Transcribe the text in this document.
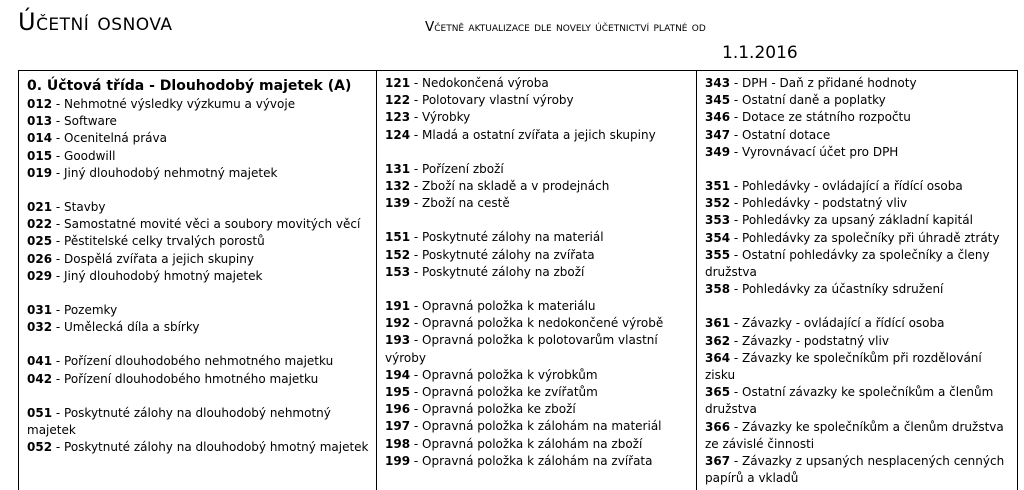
Účetní osnova	Včetně aktualizace dle novely účetnictví platné od
1.1.2016
0. Účtová třída - Dlouhodobý majetek (A)
012 - Nehmotné výsledky výzkumu a vývoje
013 - Software
014 - Ocenitelná práva
015 - Goodwill
019 - Jiný dlouhodobý nehmotný majetek
021 - Stavby
022 - Samostatné movité věci a soubory movitých věcí
025 - Pěstitelské celky trvalých porostů
026 - Dospělá zvířata a jejich skupiny
029 - Jiný dlouhodobý hmotný majetek
031 - Pozemky
032 - Umělecká díla a sbírky
041 - Pořízení dlouhodobého nehmotného majetku
042 - Pořízení dlouhodobého hmotného majetku
051 - Poskytnuté zálohy na dlouhodobý nehmotný majetek
052 - Poskytnuté zálohy na dlouhodobý hmotný majetek
121 - Nedokončená výroba
122 - Polotovary vlastní výroby
123 - Výrobky
124 - Mladá a ostatní zvířata a jejich skupiny
131 - Pořízení zboží
132 - Zboží na skladě a v prodejnách
139 - Zboží na cestě
151 - Poskytnuté zálohy na materiál
152 - Poskytnuté zálohy na zvířata
153 - Poskytnuté zálohy na zboží
191 - Opravná položka k materiálu
192 - Opravná položka k nedokončené výrobě
193 - Opravná položka k polotovarům vlastní výroby
194 - Opravná položka k výrobkům
195 - Opravná položka ke zvířatům
196 - Opravná položka ke zboží
197 - Opravná položka k zálohám na materiál
198 - Opravná položka k zálohám na zboží
199 - Opravná položka k zálohám na zvířata
343 - DPH - Daň z přidané hodnoty
345 - Ostatní daně a poplatky
346 - Dotace ze státního rozpočtu
347 - Ostatní dotace
349 - Vyrovnávací účet pro DPH
351 - Pohledávky - ovládající a řídící osoba
352 - Pohledávky - podstatný vliv
353 - Pohledávky za upsaný základní kapitál
354 - Pohledávky za společníky při úhradě ztráty
355 - Ostatní pohledávky za společníky a členy družstva
358 - Pohledávky za účastníky sdružení
361 - Závazky - ovládající a řídící osoba
362 - Závazky - podstatný vliv
364 - Závazky ke společníkům při rozdělování zisku
365 - Ostatní závazky ke společníkům a členům družstva
366 - Závazky ke společníkům a členům družstva ze závislé činnosti
367 - Závazky z upsaných nesplacených cenných papírů a vkladů
